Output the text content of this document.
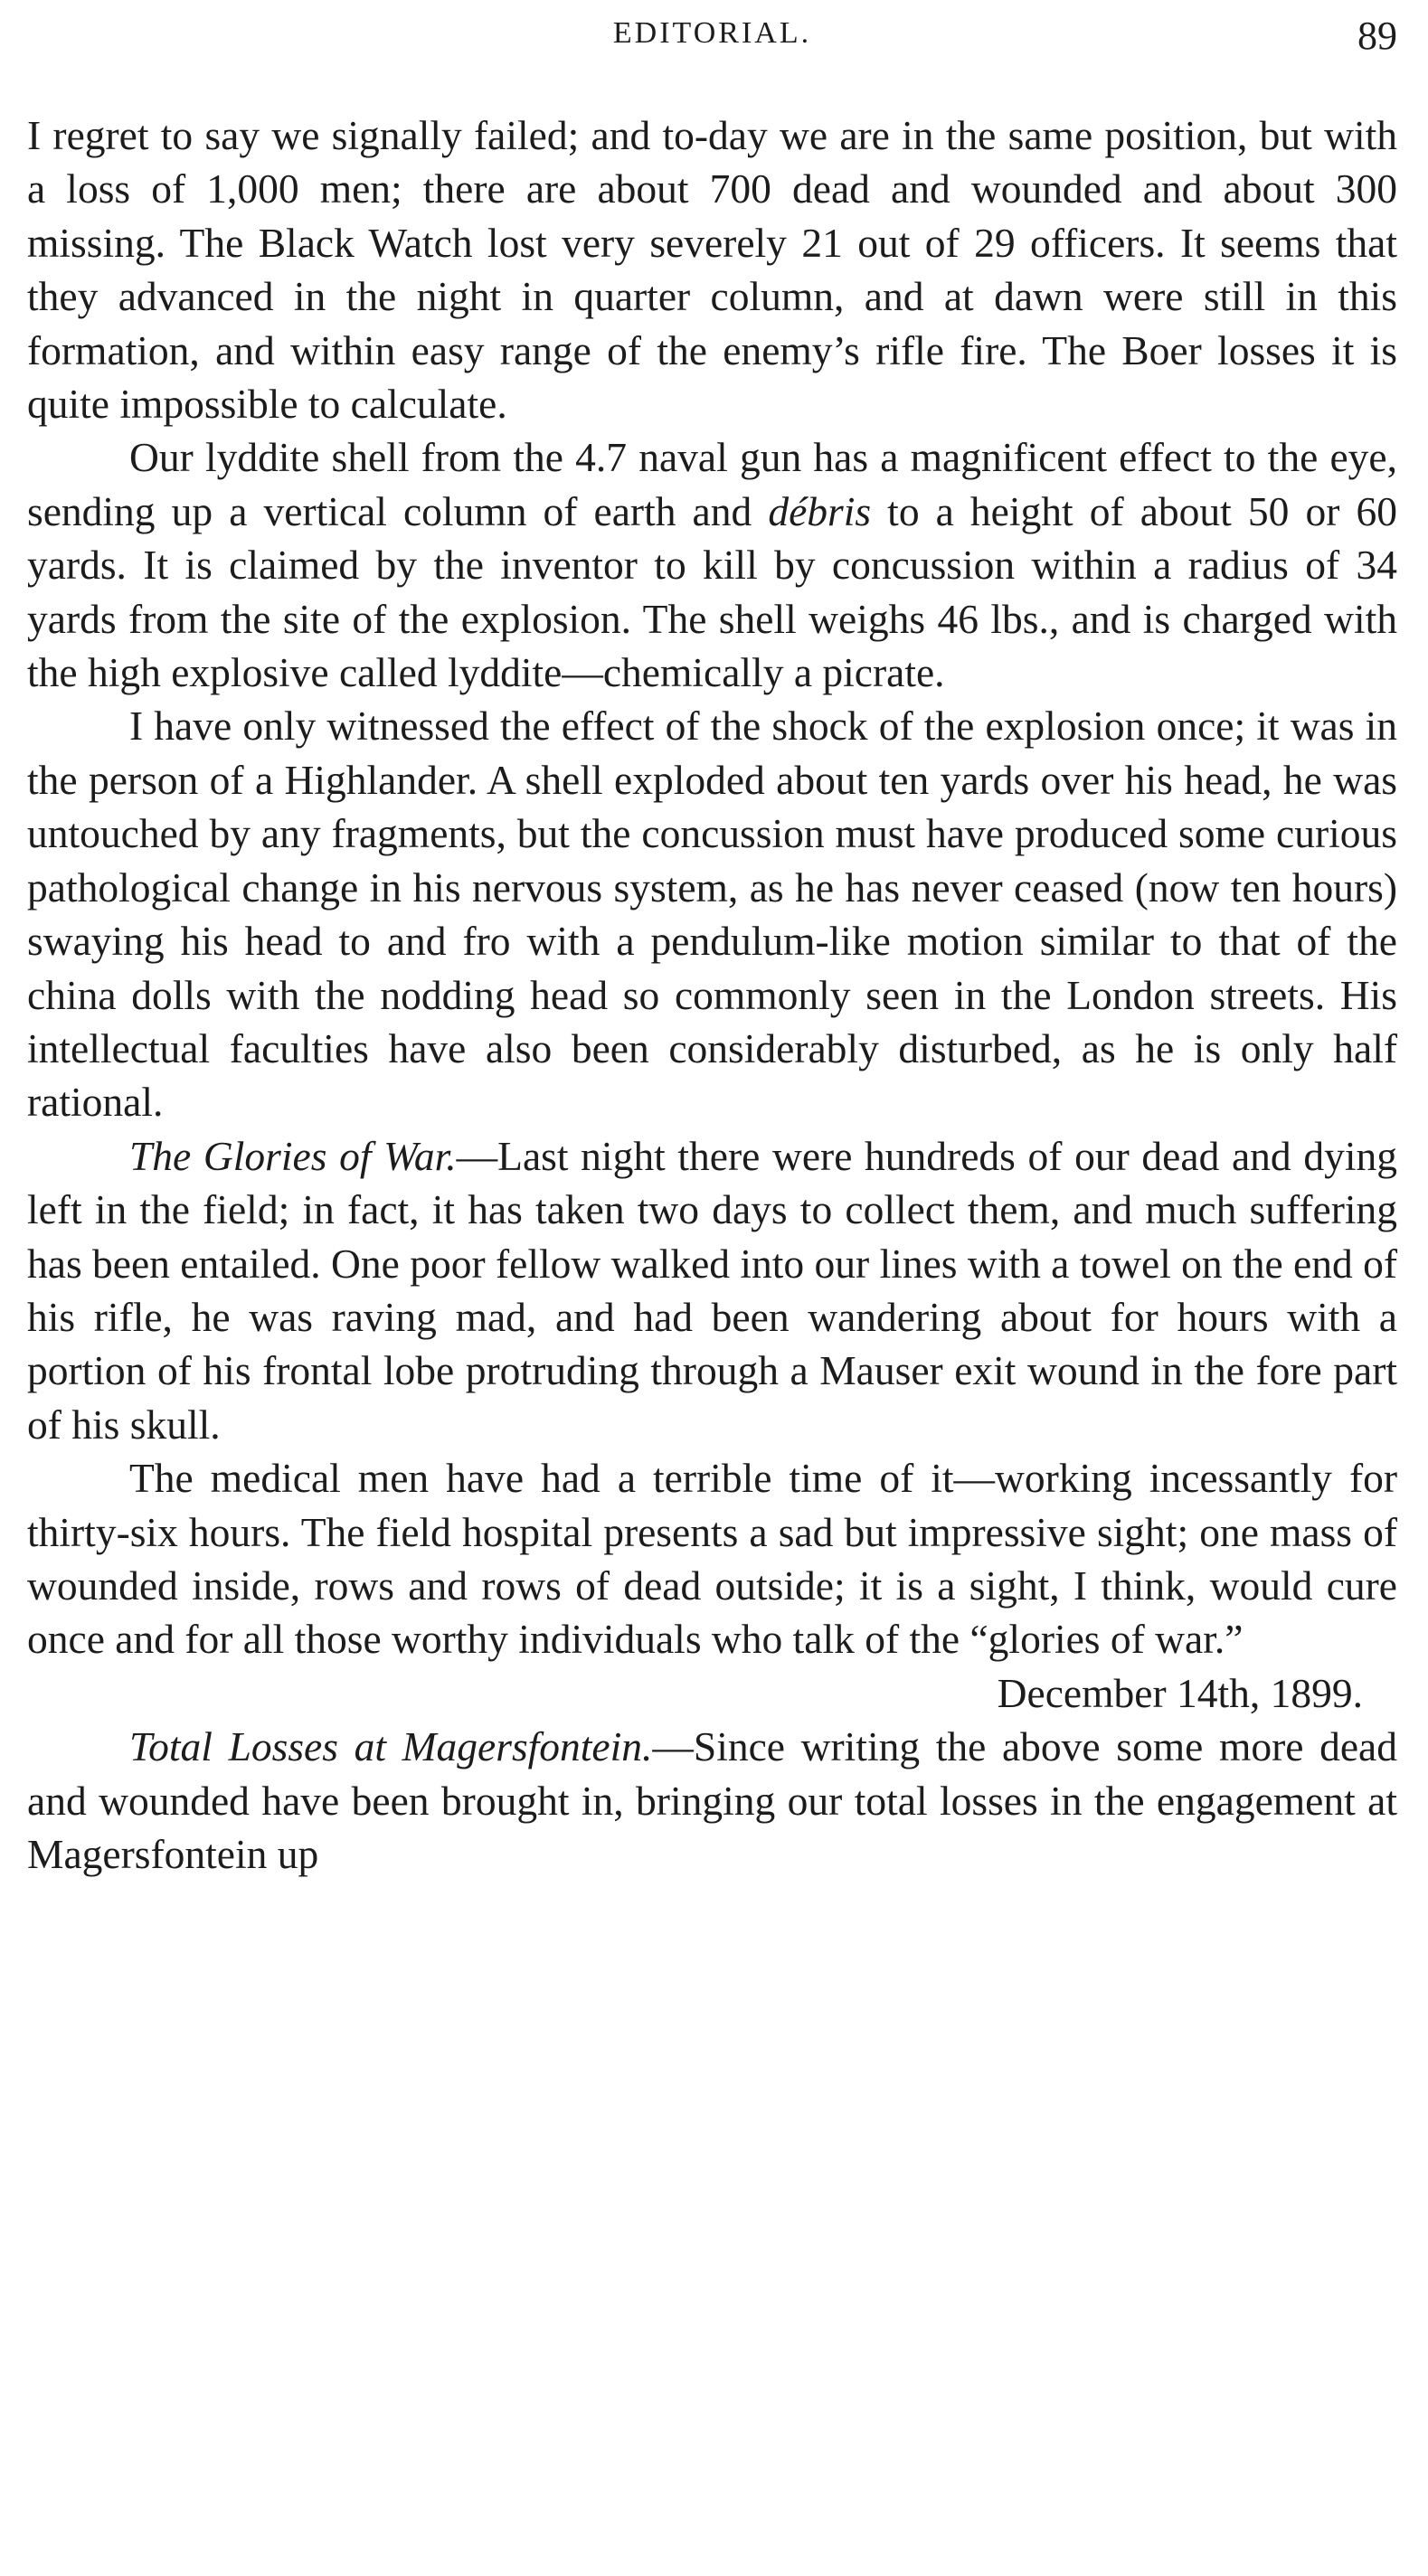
EDITORIAL.	89

I regret to say we signally failed; and to-day we are in the same position, but with a loss of 1,000 men; there are about 700 dead and wounded and about 300 missing. The Black Watch lost very severely 21 out of 29 officers. It seems that they advanced in the night in quarter column, and at dawn were still in this formation, and within easy range of the enemy’s rifle fire. The Boer losses it is quite impossible to calculate.

Our lyddite shell from the 4.7 naval gun has a magnificent effect to the eye, sending up a vertical column of earth and débris to a height of about 50 or 60 yards. It is claimed by the inventor to kill by concussion within a radius of 34 yards from the site of the explosion. The shell weighs 46 lbs., and is charged with the high explosive called lyddite—chemically a picrate.

I have only witnessed the effect of the shock of the explosion once; it was in the person of a Highlander. A shell exploded about ten yards over his head, he was untouched by any fragments, but the concussion must have produced some curious pathological change in his nervous system, as he has never ceased (now ten hours) swaying his head to and fro with a pendulum-like motion similar to that of the china dolls with the nodding head so commonly seen in the London streets. His intellectual faculties have also been considerably disturbed, as he is only half rational.

The Glories of War.—Last night there were hundreds of our dead and dying left in the field; in fact, it has taken two days to collect them, and much suffering has been entailed. One poor fellow walked into our lines with a towel on the end of his rifle, he was raving mad, and had been wandering about for hours with a portion of his frontal lobe protruding through a Mauser exit wound in the fore part of his skull.

The medical men have had a terrible time of it—working incessantly for thirty-six hours. The field hospital presents a sad but impressive sight; one mass of wounded inside, rows and rows of dead outside; it is a sight, I think, would cure once and for all those worthy individuals who talk of the “glories of war.”

December 14th, 1899.

Total Losses at Magersfontein.—Since writing the above some more dead and wounded have been brought in, bringing our total losses in the engagement at Magersfontein up
